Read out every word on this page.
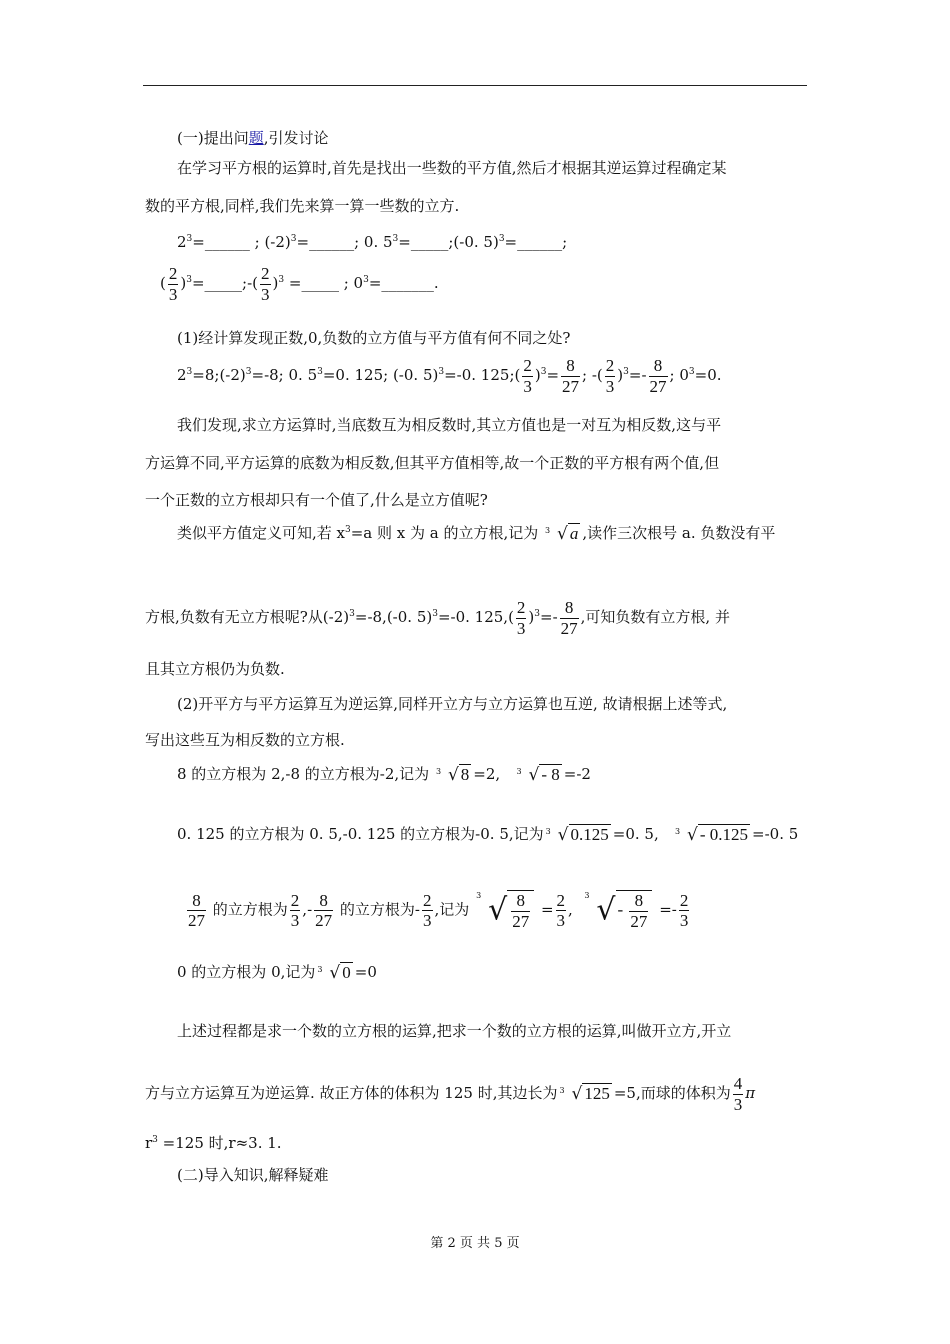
(一)提出问题,引发讨论
在学习平方根的运算时,首先是找出一些数的平方值,然后才根据其逆运算过程确定某
数的平方根,同样,我们先来算一算一些数的立方.
$2^3=\_\_\_\_\_\_$ ; $(-2)^3=\_\_\_\_\_\_$; 0. $5^3=\_\_\_\_\_;(-0$. 5)$^3$=______;
( $\frac{2}{3}$ )$^3$=_____;-( $\frac{2}{3} )^3$ =_____ ; $0^3=\_\_\_\_\_\_\_$.
(1)经计算发现正数,0,负数的立方值与平方值有何不同之处?
$2^3=8;(-2)^3=-8$; 0. $5^3=0$. 125; (-0. 5)$^3$=-0. 125;( $\frac{2}{3} )^3= \frac{8}{27}$ ; -( $\frac{2}{3} )^3=- \frac{8}{27}$ ; $0^3=0$.
我们发现,求立方运算时,当底数互为相反数时,其立方值也是一对互为相反数,这与平
方运算不同,平方运算的底数为相反数,但其平方值相等,故一个正数的平方根有两个值,但
一个正数的立方根却只有一个值了,什么是立方值呢?
类似平方值定义可知,若 $x^3=a$ 则 x 为 a 的立方根,记为 3 √ a ,读作三次根号 a. 负数没有平
方根,负数有无立方根呢?从$(-2)^3=-8,(-0$. 5)$^3$=-0. $125,( \frac{2}{3} )^3=- \frac{8}{27}$ ,可知负数有立方根, 并
且其立方根仍为负数.
(2)开平方与平方运算互为逆运算,同样开立方与立方运算也互逆, 故请根据上述等式,
写出这些互为相反数的立方根.
8 的立方根为 2,-8 的立方根为-2,记为 3 √ 8 =2, 3 √ - 8 =-2
0. 125 的立方根为 0. 5,-0. 125 的立方根为-0. 5,记为 3 √ 0.125 =0. 5, 3 √ - 0.125 =-0. 5
$\frac{8}{27}$ 的立方根为 $\frac{2}{3}$ ,- $\frac{8}{27}$ 的立方根为- $\frac{2}{3}$ ,记为
3 √ $\frac{8}{27} = \frac{2}{3}$ ,
3 √ - $\frac{8}{27} =- \frac{2}{3}$
0 的立方根为 0,记为 3 √ 0 =0
上述过程都是求一个数的立方根的运算,把求一个数的立方根的运算,叫做开立方,开立
方与立方运算互为逆运算. 故正方体的体积为 125 时,其边长为 3 √ 125 =5,而球的体积为 $\frac{4}{3}$ π
$r^3 =125$ 时,r≈3. 1.
(二)导入知识,解释疑难
第 2 页 共 5 页
